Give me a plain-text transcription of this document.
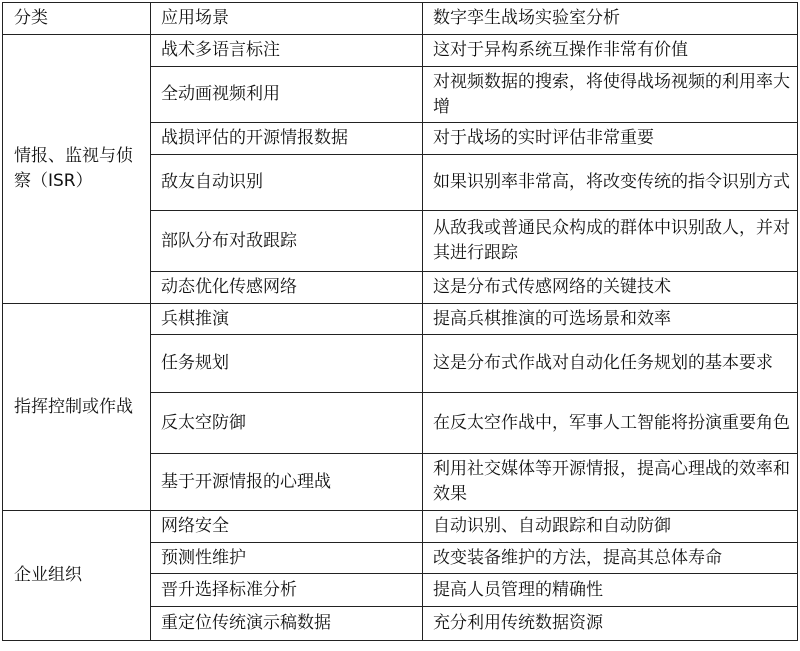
分类	应用场景	数字孪生战场实验室分析
情报、监视与侦察（ISR）	战术多语言标注	这对于异构系统互操作非常有价值
	全动画视频利用	对视频数据的搜索，将使得战场视频的利用率大增
	战损评估的开源情报数据	对于战场的实时评估非常重要
	敌友自动识别	如果识别率非常高，将改变传统的指令识别方式
	部队分布对敌跟踪	从敌我或普通民众构成的群体中识别敌人，并对其进行跟踪
	动态优化传感网络	这是分布式传感网络的关键技术
指挥控制或作战	兵棋推演	提高兵棋推演的可选场景和效率
	任务规划	这是分布式作战对自动化任务规划的基本要求
	反太空防御	在反太空作战中，军事人工智能将扮演重要角色
	基于开源情报的心理战	利用社交媒体等开源情报，提高心理战的效率和效果
企业组织	网络安全	自动识别、自动跟踪和自动防御
	预测性维护	改变装备维护的方法，提高其总体寿命
	晋升选择标准分析	提高人员管理的精确性
	重定位传统演示稿数据	充分利用传统数据资源
